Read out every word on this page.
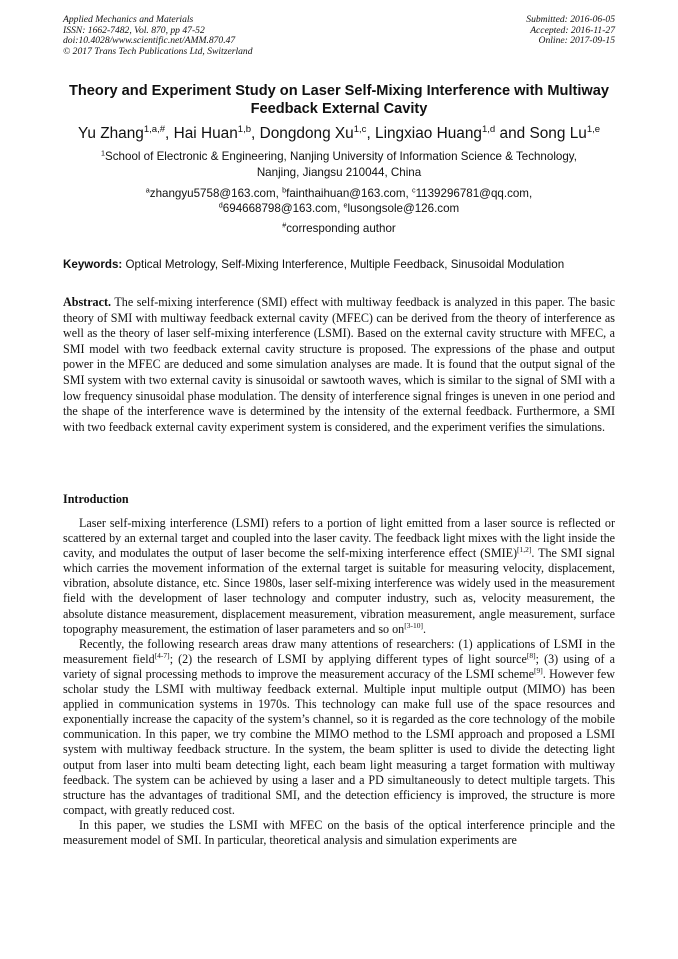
Applied Mechanics and Materials
ISSN: 1662-7482, Vol. 870, pp 47-52
doi:10.4028/www.scientific.net/AMM.870.47
© 2017 Trans Tech Publications Ltd, Switzerland
Submitted: 2016-06-05
Accepted: 2016-11-27
Online: 2017-09-15
Theory and Experiment Study on Laser Self-Mixing Interference with Multiway Feedback External Cavity
Yu Zhang$^{1,a,\#}$, Hai Huan$^{1,b}$, Dongdong Xu$^{1,c}$, Lingxiao Huang$^{1,d}$ and Song Lu$^{1,e}$
$^1$School of Electronic & Engineering, Nanjing University of Information Science & Technology,
Nanjing, Jiangsu 210044, China
$^a$zhangyu5758@163.com, $^b$fainthaihuan@163.com, $^c$1139296781@qq.com,
$^d$694668798@163.com, $^e$lusongsole@126.com
#corresponding author
Keywords: Optical Metrology, Self-Mixing Interference, Multiple Feedback, Sinusoidal Modulation
Abstract. The self-mixing interference (SMI) effect with multiway feedback is analyzed in this paper. The basic theory of SMI with multiway feedback external cavity (MFEC) can be derived from the theory of interference as well as the theory of laser self-mixing interference (LSMI). Based on the external cavity structure with MFEC, a SMI model with two feedback external cavity structure is proposed. The expressions of the phase and output power in the MFEC are deduced and some simulation analyses are made. It is found that the output signal of the SMI system with two external cavity is sinusoidal or sawtooth waves, which is similar to the signal of SMI with a low frequency sinusoidal phase modulation. The density of interference signal fringes is uneven in one period and the shape of the interference wave is determined by the intensity of the external feedback. Furthermore, a SMI with two feedback external cavity experiment system is considered, and the experiment verifies the simulations.
Introduction

Laser self-mixing interference (LSMI) refers to a portion of light emitted from a laser source is reflected or scattered by an external target and coupled into the laser cavity. The feedback light mixes with the light inside the cavity, and modulates the output of laser become the self-mixing interference effect (SMIE)[1,2]. The SMI signal which carries the movement information of the external target is suitable for measuring velocity, displacement, vibration, absolute distance, etc. Since 1980s, laser self-mixing interference was widely used in the measurement field with the development of laser technology and computer industry, such as, velocity measurement, the absolute distance measurement, displacement measurement, vibration measurement, angle measurement, surface topography measurement, the estimation of laser parameters and so on[3-10].

Recently, the following research areas draw many attentions of researchers: (1) applications of LSMI in the measurement field[4-7]; (2) the research of LSMI by applying different types of light source[8]; (3) using of a variety of signal processing methods to improve the measurement accuracy of the LSMI scheme[9]. However few scholar study the LSMI with multiway feedback external. Multiple input multiple output (MIMO) has been applied in communication systems in 1970s. This technology can make full use of the space resources and exponentially increase the capacity of the system’s channel, so it is regarded as the core technology of the mobile communication. In this paper, we try combine the MIMO method to the LSMI approach and proposed a LSMI system with multiway feedback structure. In the system, the beam splitter is used to divide the detecting light output from laser into multi beam detecting light, each beam light measuring a target formation with multiway feedback. The system can be achieved by using a laser and a PD simultaneously to detect multiple targets. This structure has the advantages of traditional SMI, and the detection efficiency is improved, the structure is more compact, with greatly reduced cost.

In this paper, we studies the LSMI with MFEC on the basis of the optical interference principle and the measurement model of SMI. In particular, theoretical analysis and simulation experiments are
